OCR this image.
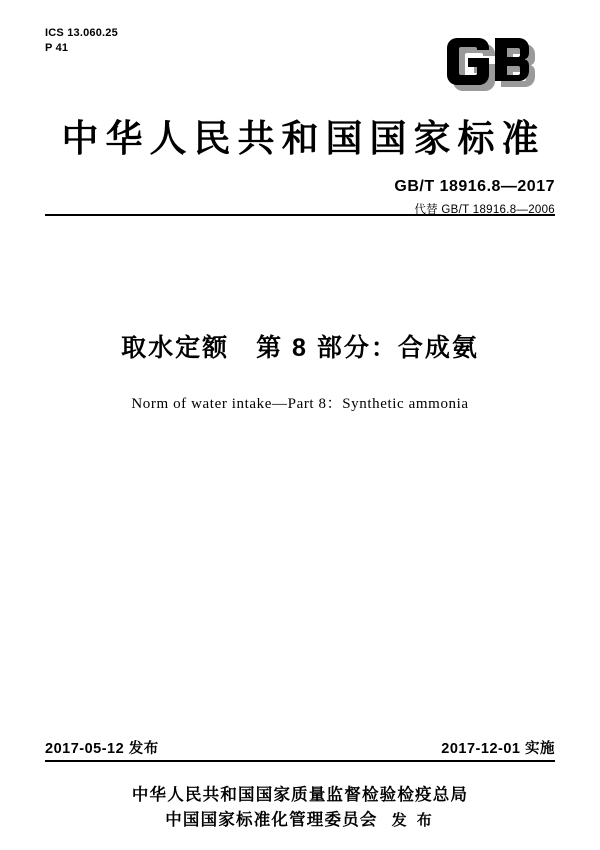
ICS 13.060.25
P 41
中华人民共和国国家标准
GB/T 18916.8—2017
代替 GB/T 18916.8—2006
取水定额　第 8 部分：合成氨
Norm of water intake—Part 8：Synthetic ammonia
2017-05-12 发布	2017-12-01 实施
中华人民共和国国家质量监督检验检疫总局
中国国家标准化管理委员会 发 布
